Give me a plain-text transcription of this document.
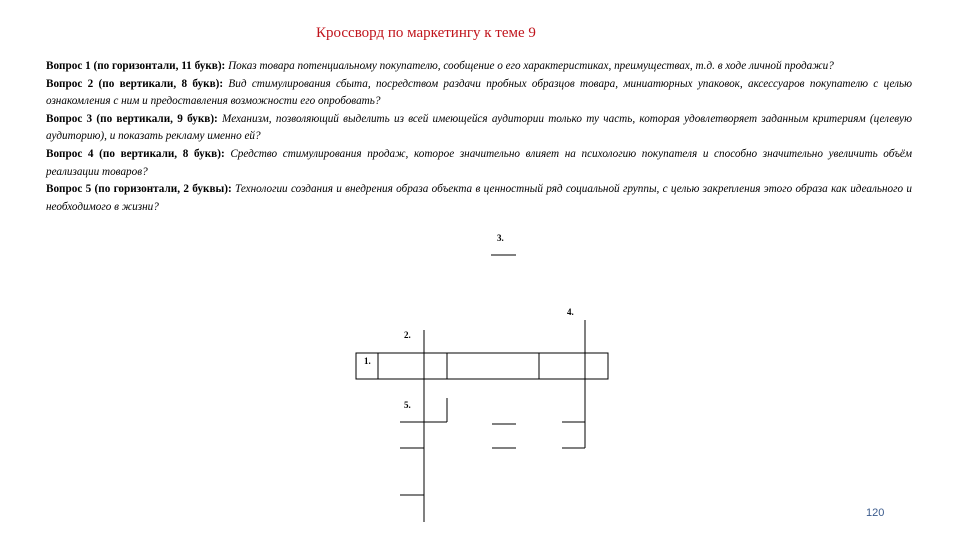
Кроссворд по маркетингу к теме 9

Вопрос 1 (по горизонтали, 11 букв): Показ товара потенциальному покупателю, сообщение о его характеристиках, преимуществах, т.д. в ходе личной продажи?

Вопрос 2 (по вертикали, 8 букв): Вид стимулирования сбыта, посредством раздачи пробных образцов товара, миниатюрных упаковок, аксессуаров покупателю с целью ознакомления с ним и предоставления возможности его опробовать?

Вопрос 3 (по вертикали, 9 букв): Механизм, позволяющий выделить из всей имеющейся аудитории только ту часть, которая удовлетворяет заданным критериям (целевую аудиторию), и показать рекламу именно ей?

Вопрос 4 (по вертикали, 8 букв): Средство стимулирования продаж, которое значительно влияет на психологию покупателя и способно значительно увеличить объём реализации товаров?

Вопрос 5 (по горизонтали, 2 буквы): Технологии создания и внедрения образа объекта в ценностный ряд социальной группы, с целью закрепления этого образа как идеального и необходимого в жизни?

3.
4.
2.
1.
5.
120
